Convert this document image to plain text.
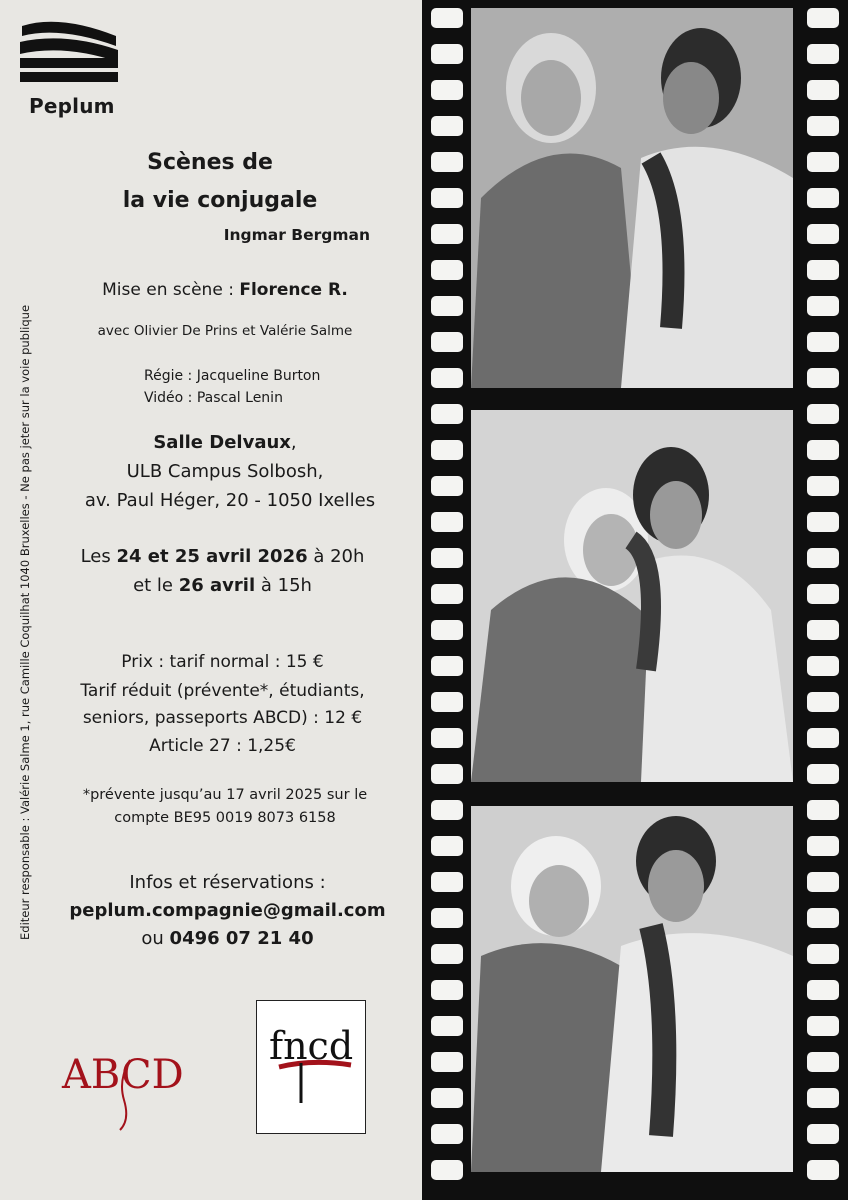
Peplum
Editeur responsable : Valérie Salme 1, rue Camille Coquilhat 1040 Bruxelles - Ne pas jeter sur la voie publique
Scènes de
la vie conjugale
Ingmar Bergman
Mise en scène : Florence R.
avec Olivier De Prins et Valérie Salme
Régie : Jacqueline Burton
Vidéo : Pascal Lenin
Salle Delvaux,
ULB Campus Solbosh,
av. Paul Héger, 20 - 1050 Ixelles
Les 24 et 25 avril 2026 à 20h
et le 26 avril à 15h
Prix : tarif normal : 15 €
Tarif réduit (prévente*, étudiants,
seniors, passeports ABCD) : 12 €
Article 27 : 1,25€
*prévente jusqu’au 17 avril 2025 sur le
compte BE95 0019 8073 6158
Infos et réservations :
peplum.compagnie@gmail.com
ou 0496 07 21 40
ABCD
fncd
